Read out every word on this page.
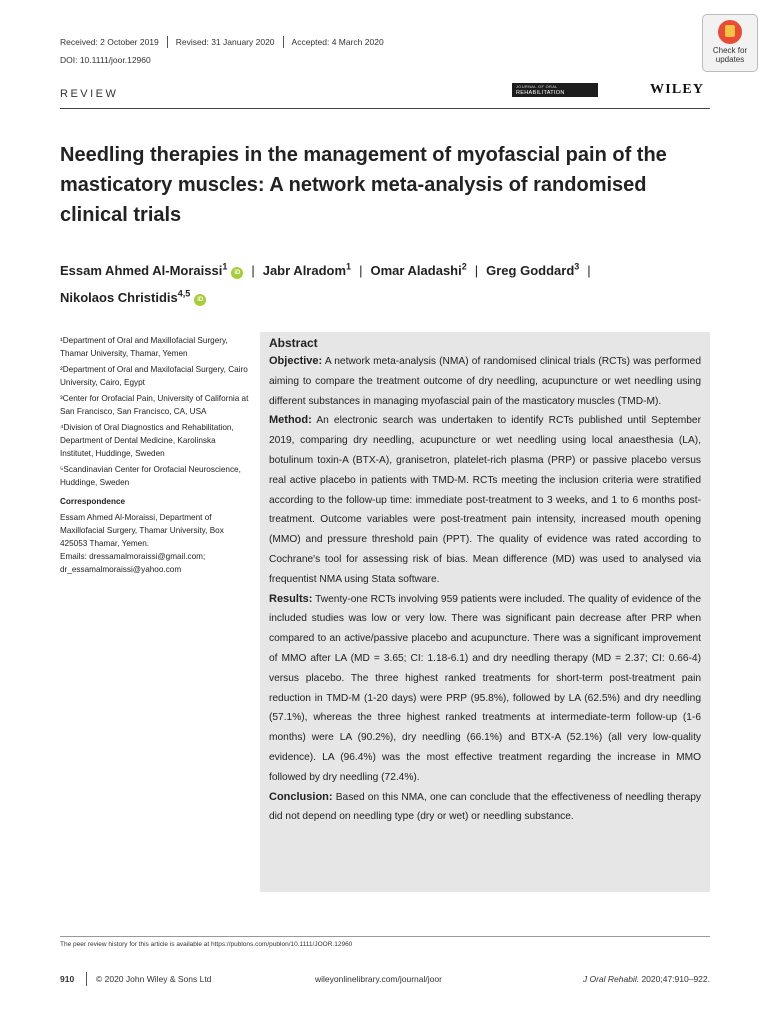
Received: 2 October 2019	Revised: 31 January 2020	Accepted: 4 March 2020
DOI: 10.1111/joor.12960
Check for
updates
REVIEW
JOURNAL OF ORAL
REHABILITATION	WILEY
Needling therapies in the management of myofascial pain of the masticatory muscles: A network meta-analysis of randomised clinical trials
Essam Ahmed Al-Moraissi$^1$iD | Jabr Alradom$^1$ | Omar Aladashi$^2$ | Greg Goddard$^3$ |
Nikolaos Christidis$^{4,5}$iD

¹Department of Oral and Maxillofacial Surgery, Thamar University, Thamar, Yemen

²Department of Oral and Maxilofacial Surgery, Cairo University, Cairo, Egypt

³Center for Orofacial Pain, University of California at San Francisco, San Francisco, CA, USA

⁴Division of Oral Diagnostics and Rehabilitation, Department of Dental Medicine, Karolinska Institutet, Huddinge, Sweden

⁵Scandinavian Center for Orofacial Neuroscience, Huddinge, Sweden

Correspondence

Essam Ahmed Al-Moraissi, Department of Maxillofacial Surgery, Thamar University, Box 425053 Thamar, Yemen.
Emails: dressamalmoraissi@gmail.com; dr_essamalmoraissi@yahoo.com

Abstract

Objective: A network meta-analysis (NMA) of randomised clinical trials (RCTs) was performed aiming to compare the treatment outcome of dry needling, acupuncture or wet needling using different substances in managing myofascial pain of the masticatory muscles (TMD-M).

Method: An electronic search was undertaken to identify RCTs published until September 2019, comparing dry needling, acupuncture or wet needling using local anaesthesia (LA), botulinum toxin-A (BTX-A), granisetron, platelet-rich plasma (PRP) or passive placebo versus real active placebo in patients with TMD-M. RCTs meeting the inclusion criteria were stratified according to the follow-up time: immediate post-treatment to 3 weeks, and 1 to 6 months post-treatment. Outcome variables were post-treatment pain intensity, increased mouth opening (MMO) and pressure threshold pain (PPT). The quality of evidence was rated according to Cochrane's tool for assessing risk of bias. Mean difference (MD) was used to analysed via frequentist NMA using Stata software.

Results: Twenty-one RCTs involving 959 patients were included. The quality of evidence of the included studies was low or very low. There was significant pain decrease after PRP when compared to an active/passive placebo and acupuncture. There was a significant improvement of MMO after LA (MD = 3.65; CI: 1.18-6.1) and dry needling therapy (MD = 2.37; CI: 0.66-4) versus placebo. The three highest ranked treatments for short-term post-treatment pain reduction in TMD-M (1-20 days) were PRP (95.8%), followed by LA (62.5%) and dry needling (57.1%), whereas the three highest ranked treatments at intermediate-term follow-up (1-6 months) were LA (90.2%), dry needling (66.1%) and BTX-A (52.1%) (all very low-quality evidence). LA (96.4%) was the most effective treatment regarding the increase in MMO followed by dry needling (72.4%).

Conclusion: Based on this NMA, one can conclude that the effectiveness of needling therapy did not depend on needling type (dry or wet) or needling substance.

The peer review history for this article is available at https://publons.com/publon/10.1111/JOOR.12960
910	© 2020 John Wiley & Sons Ltd	wileyonlinelibrary.com/journal/joor	J Oral Rehabil. 2020;47:910–922.
